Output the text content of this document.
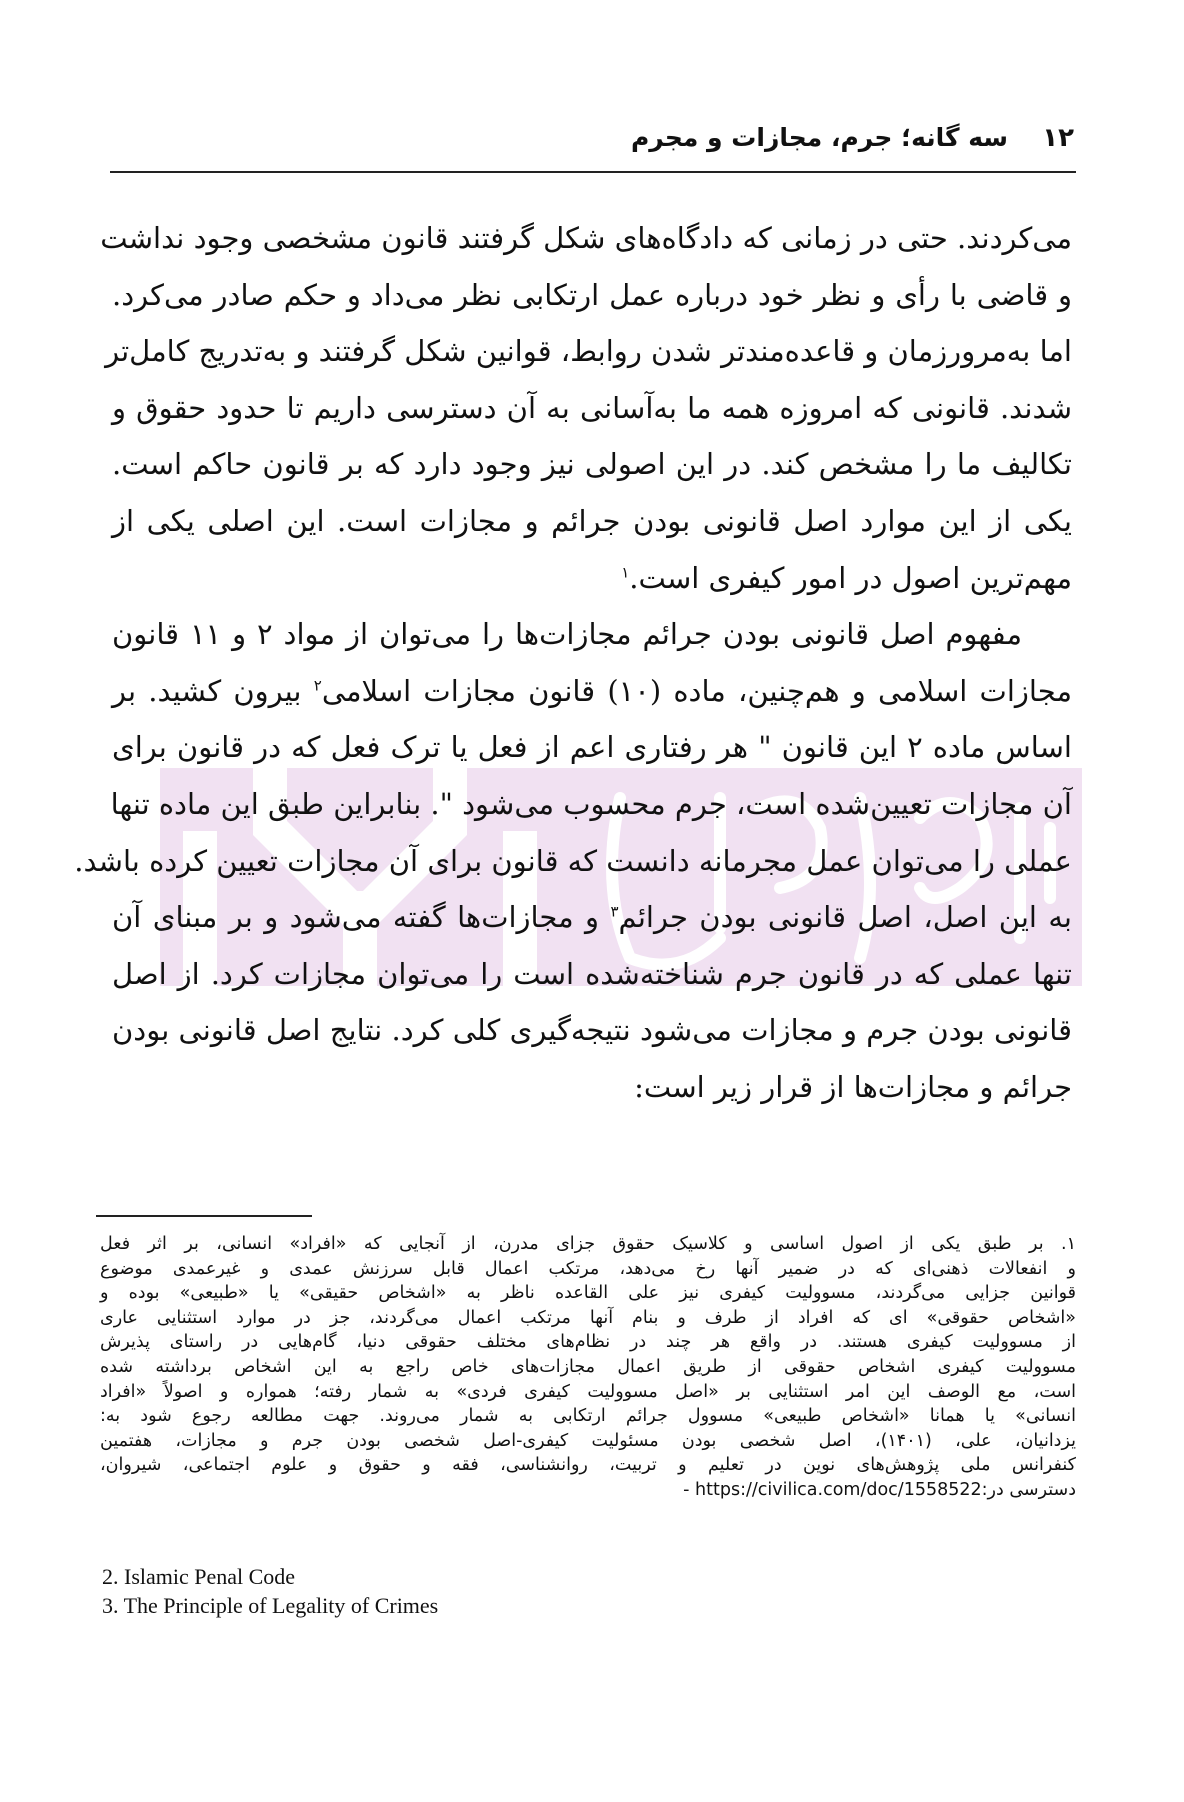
۱۲
سه گانه؛ جرم، مجازات و مجرم
می‌کردند. حتی در زمانی که دادگاه‌های شکل گرفتند قانون مشخصی وجود نداشت
و قاضی با رأی و نظر خود درباره عمل ارتکابی نظر می‌داد و حکم صادر می‌کرد.
اما به‌مرورزمان و قاعده‌مندتر شدن روابط، قوانین شکل گرفتند و به‌تدریج کامل‌تر
شدند. قانونی که امروزه همه ما به‌آسانی به آن دسترسی داریم تا حدود حقوق و
تکالیف ما را مشخص کند. در این اصولی نیز وجود دارد که بر قانون حاکم است.
یکی از این موارد اصل قانونی بودن جرائم و مجازات است. این اصلی یکی از
مهم‌ترین اصول در امور کیفری است.$^۱$
مفهوم اصل قانونی بودن جرائم مجازات‌ها را می‌توان از مواد ۲ و ۱۱ قانون
مجازات اسلامی و هم‌چنین، ماده (۱۰) قانون مجازات اسلامی$^۲$ بیرون کشید. بر
اساس ماده ۲ این قانون " هر رفتاری اعم از فعل یا ترک فعل که در قانون برای
آن مجازات تعیین‌شده است، جرم محسوب می‌شود ". بنابراین طبق این ماده تنها
عملی را می‌توان عمل مجرمانه دانست که قانون برای آن مجازات تعیین کرده باشد.
به این اصل، اصل قانونی بودن جرائم$^۳$ و مجازات‌ها گفته می‌شود و بر مبنای آن
تنها عملی که در قانون جرم شناخته‌شده است را می‌توان مجازات کرد. از اصل
قانونی بودن جرم و مجازات می‌شود نتیجه‌گیری کلی کرد. نتایج اصل قانونی بودن
جرائم و مجازات‌ها از قرار زیر است:
۱. بر طبق یکی از اصول اساسی و کلاسیک حقوق جزای مدرن، از آنجایی که «افراد» انسانی، بر اثر فعل
و انفعالات ذهنی‌ای که در ضمیر آنها رخ می‌دهد، مرتکب اعمال قابل سرزنش عمدی و غیرعمدی موضوع
قوانین جزایی می‌گردند، مسوولیت کیفری نیز علی القاعده ناظر به «اشخاص حقیقی» یا «طبیعی» بوده و
«اشخاص حقوقی» ای که افراد از طرف و بنام آنها مرتکب اعمال می‌گردند، جز در موارد استثنایی عاری
از مسوولیت کیفری هستند. در واقع هر چند در نظام‌های مختلف حقوقی دنیا، گام‌هایی در راستای پذیرش
مسوولیت کیفری اشخاص حقوقی از طریق اعمال مجازات‌های خاص راجع به این اشخاص برداشته شده
است، مع الوصف این امر استثنایی بر «اصل مسوولیت کیفری فردی» به شمار رفته؛ همواره و اصولاً «افراد
انسانی» یا همانا «اشخاص طبیعی» مسوول جرائم ارتکابی به شمار می‌روند. جهت مطالعه رجوع شود به:
یزدانیان، علی، (۱۴۰۱)، اصل شخصی بودن مسئولیت کیفری-اصل شخصی بودن جرم و مجازات، هفتمین
کنفرانس ملی پژوهش‌های نوین در تعلیم و تربیت، روانشناسی، فقه و حقوق و علوم اجتماعی، شیروان،
دسترسی در:https://civilica.com/doc/1558522 -
2. Islamic Penal Code
3. The Principle of Legality of Crimes
